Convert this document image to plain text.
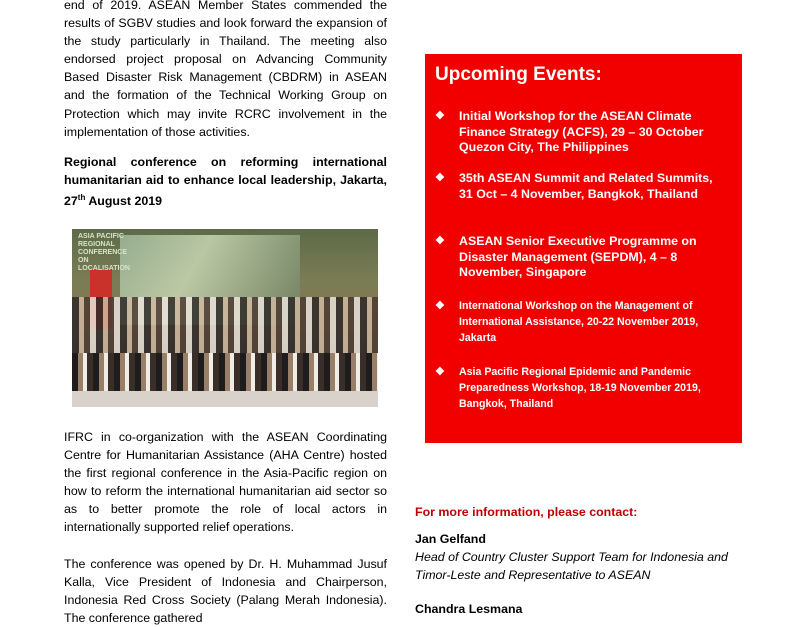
end of 2019. ASEAN Member States commended the results of SGBV studies and look forward the expansion of the study particularly in Thailand. The meeting also endorsed project proposal on Advancing Community Based Disaster Risk Management (CBDRM) in ASEAN and the formation of the Technical Working Group on Protection which may invite RCRC involvement in the implementation of those activities.

Regional conference on reforming international humanitarian aid to enhance local leadership, Jakarta, 27th August 2019

ASIA PACIFIC REGIONAL CONFERENCE ON LOCALISATION

IFRC in co-organization with the ASEAN Coordinating Centre for Humanitarian Assistance (AHA Centre) hosted the first regional conference in the Asia-Pacific region on how to reform the international humanitarian aid sector so as to better promote the role of local actors in internationally supported relief operations.

The conference was opened by Dr. H. Muhammad Jusuf Kalla, Vice President of Indonesia and Chairperson, Indonesia Red Cross Society (Palang Merah Indonesia). The conference gathered

Upcoming Events:
❖ Initial Workshop for the ASEAN Climate Finance Strategy (ACFS), 29 – 30 October Quezon City, The Philippines
❖ 35th ASEAN Summit and Related Summits, 31 Oct – 4 November, Bangkok, Thailand
❖ ASEAN Senior Executive Programme on Disaster Management (SEPDM), 4 – 8 November, Singapore
❖ International Workshop on the Management of International Assistance, 20-22 November 2019, Jakarta
❖ Asia Pacific Regional Epidemic and Pandemic Preparedness Workshop, 18-19 November 2019, Bangkok, Thailand
For more information, please contact:
Jan Gelfand
Head of Country Cluster Support Team for Indonesia and Timor-Leste and Representative to ASEAN
Chandra Lesmana
